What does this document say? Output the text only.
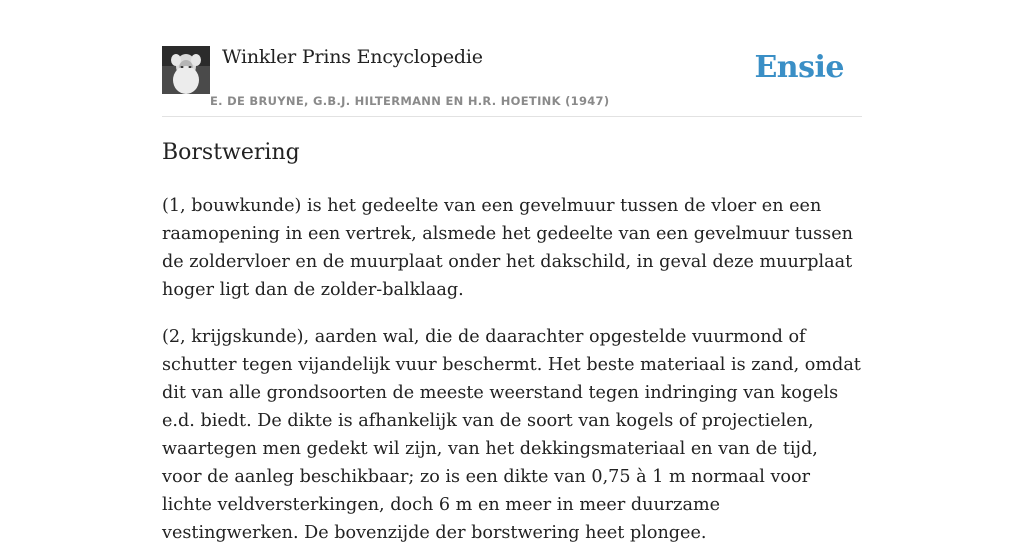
Winkler Prins Encyclopedie
E. DE BRUYNE, G.B.J. HILTERMANN EN H.R. HOETINK (1947)
Ensie
Borstwering

(1, bouwkunde) is het gedeelte van een gevelmuur tussen de vloer en een raamopening in een vertrek, alsmede het gedeelte van een gevelmuur tussen de zoldervloer en de muurplaat onder het dakschild, in geval deze muurplaat hoger ligt dan de zolder-balklaag.

(2, krijgskunde), aarden wal, die de daarachter opgestelde vuurmond of schutter tegen vijandelijk vuur beschermt. Het beste materiaal is zand, omdat dit van alle grondsoorten de meeste weerstand tegen indringing van kogels e.d. biedt. De dikte is afhankelijk van de soort van kogels of projectielen, waartegen men gedekt wil zijn, van het dekkingsmateriaal en van de tijd, voor de aanleg beschikbaar; zo is een dikte van 0,75 à 1 m normaal voor lichte veldversterkingen, doch 6 m en meer in meer duurzame vestingwerken. De bovenzijde der borstwering heet plongee.
